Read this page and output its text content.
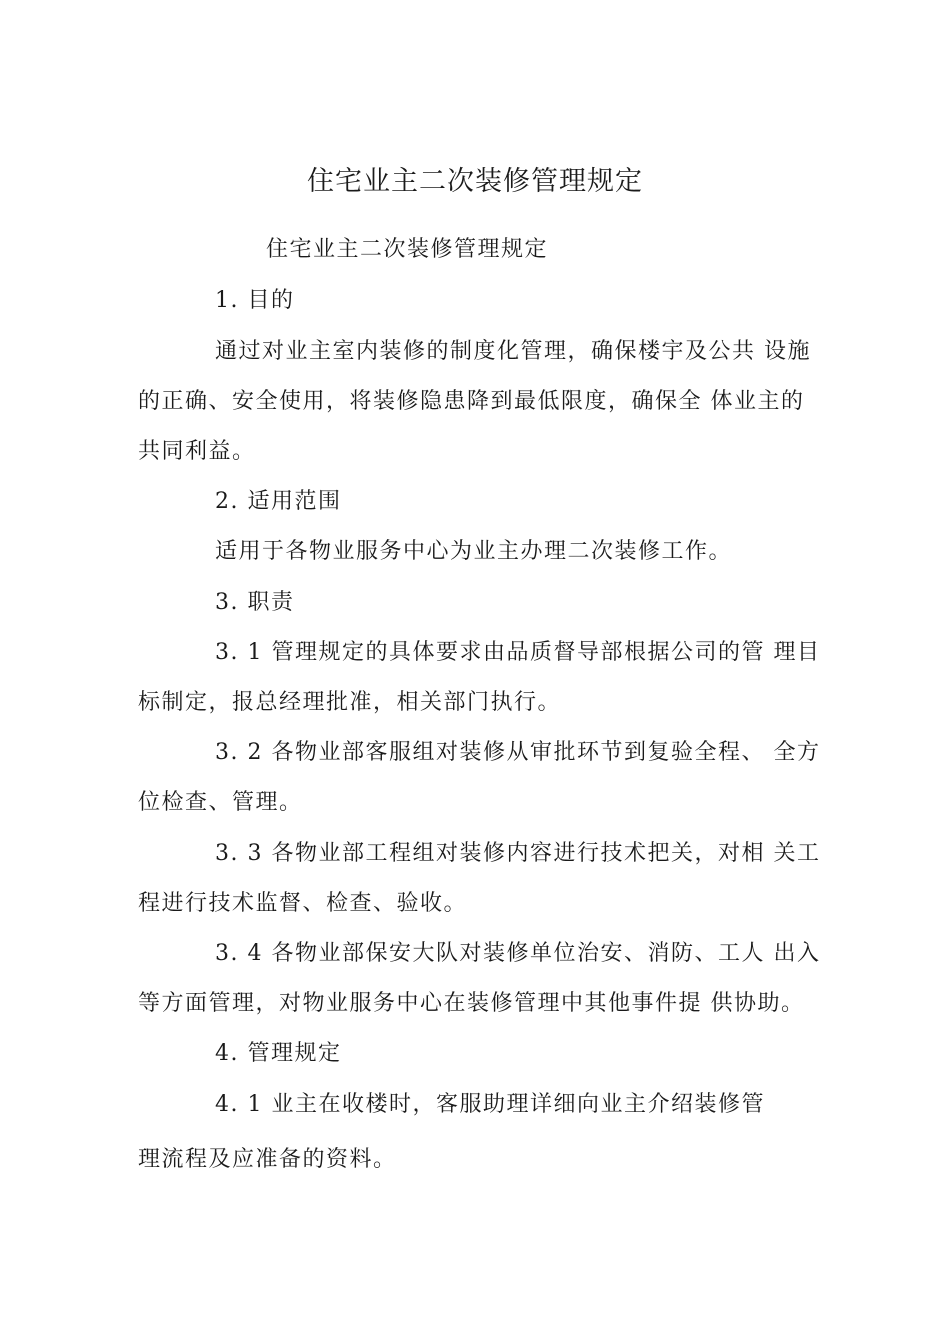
住宅业主二次装修管理规定
住宅业主二次装修管理规定
1. 目的
通过对业主室内装修的制度化管理，确保楼宇及公共 设施
的正确、安全使用，将装修隐患降到最低限度，确保全 体业主的
共同利益。
2. 适用范围
适用于各物业服务中心为业主办理二次装修工作。
3. 职责
3. 1 管理规定的具体要求由品质督导部根据公司的管 理目
标制定，报总经理批准，相关部门执行。
3. 2 各物业部客服组对装修从审批环节到复验全程、 全方
位检查、管理。
3. 3 各物业部工程组对装修内容进行技术把关，对相 关工
程进行技术监督、检查、验收。
3. 4 各物业部保安大队对装修单位治安、消防、工人 出入
等方面管理，对物业服务中心在装修管理中其他事件提 供协助。
4. 管理规定
4. 1 业主在收楼时，客服助理详细向业主介绍装修管
理流程及应准备的资料。
